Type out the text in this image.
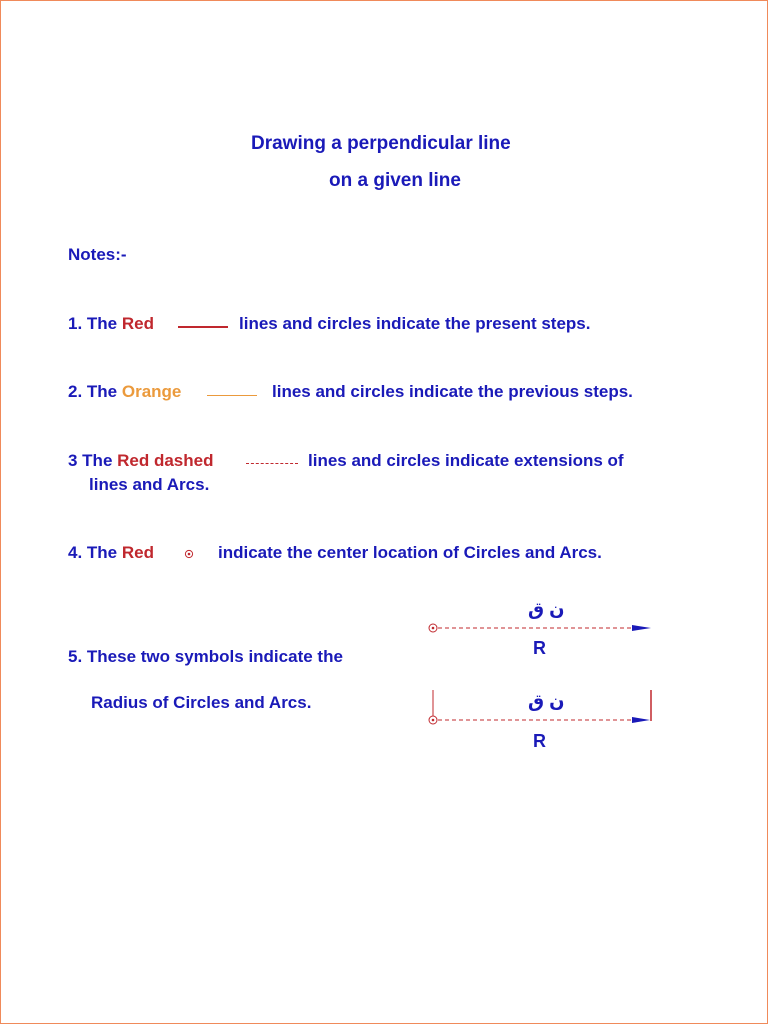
Drawing a perpendicular line
on a given line
Notes:-
1. The Red	lines and circles indicate the present steps.
2. The Orange	lines and circles indicate the previous steps.
3 The Red dashed	lines and circles indicate extensions of
lines and Arcs.
4. The Red	indicate the center location of Circles and Arcs.
5. These two symbols indicate the
Radius of Circles and Arcs.
ن ق
R
ن ق
R
